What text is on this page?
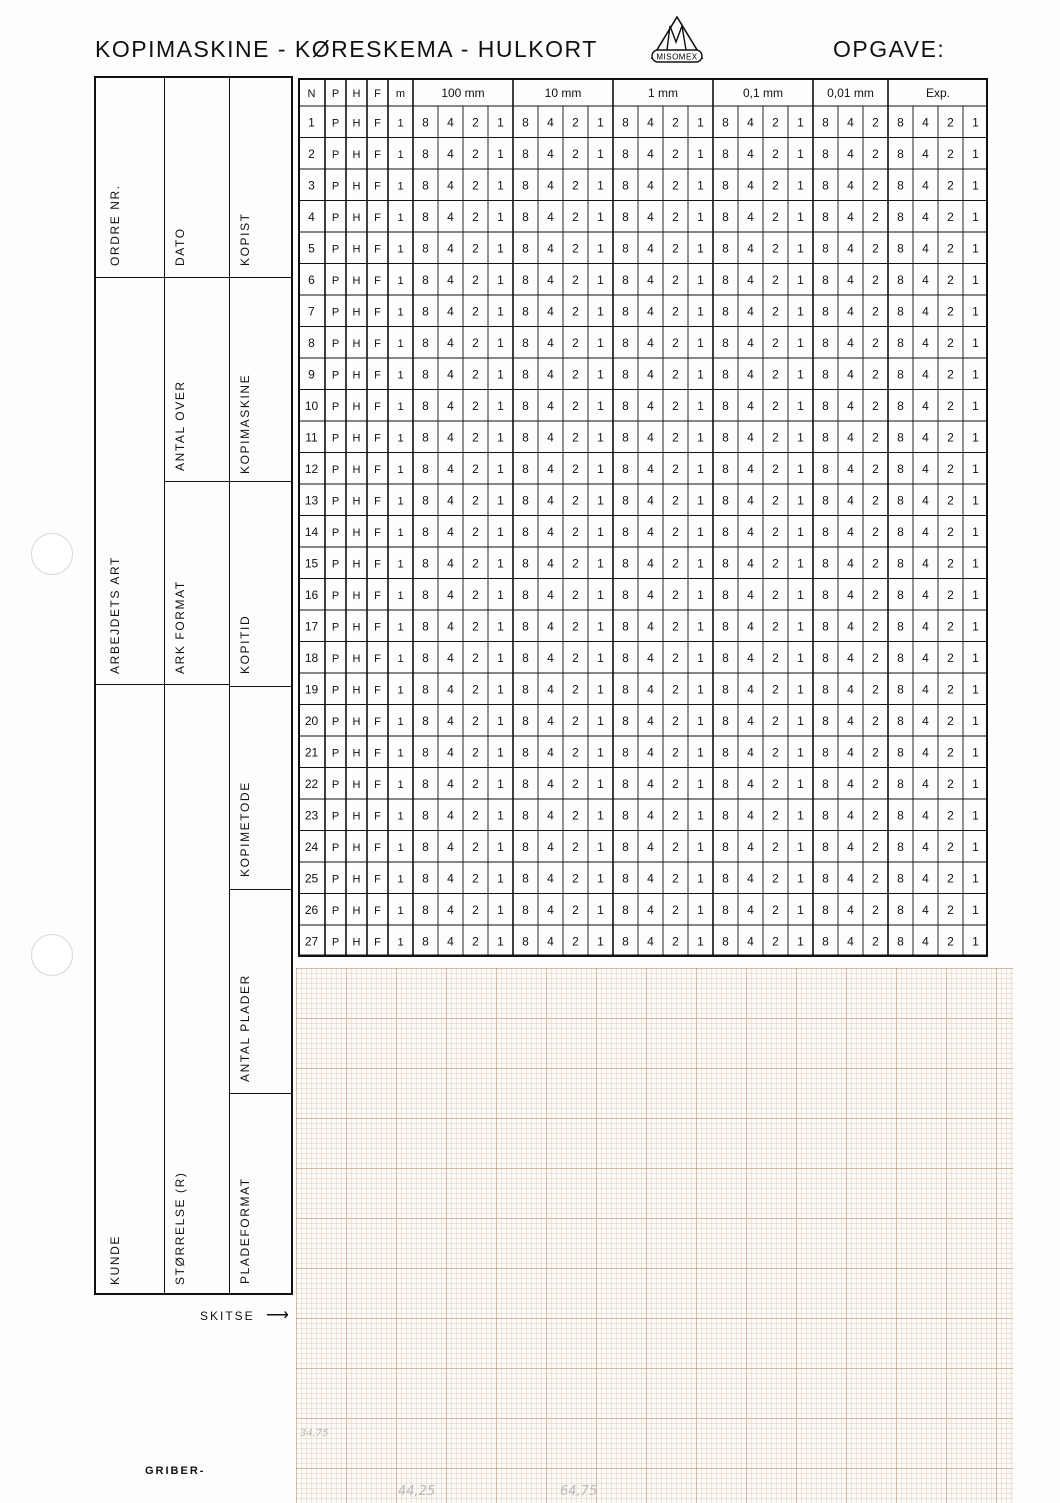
KOPIMASKINE - KØRESKEMA - HULKORT	MISOMEX	OPGAVE:
ORDRE NR.
ARBEJDETS ART
KUNDE
DATO
ANTAL OVER
ARK FORMAT
STØRRELSE (R)
KOPIST
KOPIMASKINE
KOPITID
KOPIMETODE
ANTAL PLADER
PLADEFORMAT
N P H F m	100 mm	10 mm	1 mm	0,1 mm	0,01 mm	Exp.
1 P H F 1 8 4 2 1 8 4 2 1 8 4 2 1 8 4 2 1 8 4 2 8 4 2 1
2 P H F 1 8 4 2 1 8 4 2 1 8 4 2 1 8 4 2 1 8 4 2 8 4 2 1
3 P H F 1 8 4 2 1 8 4 2 1 8 4 2 1 8 4 2 1 8 4 2 8 4 2 1
4 P H F 1 8 4 2 1 8 4 2 1 8 4 2 1 8 4 2 1 8 4 2 8 4 2 1
5 P H F 1 8 4 2 1 8 4 2 1 8 4 2 1 8 4 2 1 8 4 2 8 4 2 1
6 P H F 1 8 4 2 1 8 4 2 1 8 4 2 1 8 4 2 1 8 4 2 8 4 2 1
7 P H F 1 8 4 2 1 8 4 2 1 8 4 2 1 8 4 2 1 8 4 2 8 4 2 1
8 P H F 1 8 4 2 1 8 4 2 1 8 4 2 1 8 4 2 1 8 4 2 8 4 2 1
9 P H F 1 8 4 2 1 8 4 2 1 8 4 2 1 8 4 2 1 8 4 2 8 4 2 1
10 P H F 1 8 4 2 1 8 4 2 1 8 4 2 1 8 4 2 1 8 4 2 8 4 2 1
11 P H F 1 8 4 2 1 8 4 2 1 8 4 2 1 8 4 2 1 8 4 2 8 4 2 1
12 P H F 1 8 4 2 1 8 4 2 1 8 4 2 1 8 4 2 1 8 4 2 8 4 2 1
13 P H F 1 8 4 2 1 8 4 2 1 8 4 2 1 8 4 2 1 8 4 2 8 4 2 1
14 P H F 1 8 4 2 1 8 4 2 1 8 4 2 1 8 4 2 1 8 4 2 8 4 2 1
15 P H F 1 8 4 2 1 8 4 2 1 8 4 2 1 8 4 2 1 8 4 2 8 4 2 1
16 P H F 1 8 4 2 1 8 4 2 1 8 4 2 1 8 4 2 1 8 4 2 8 4 2 1
17 P H F 1 8 4 2 1 8 4 2 1 8 4 2 1 8 4 2 1 8 4 2 8 4 2 1
18 P H F 1 8 4 2 1 8 4 2 1 8 4 2 1 8 4 2 1 8 4 2 8 4 2 1
19 P H F 1 8 4 2 1 8 4 2 1 8 4 2 1 8 4 2 1 8 4 2 8 4 2 1
20 P H F 1 8 4 2 1 8 4 2 1 8 4 2 1 8 4 2 1 8 4 2 8 4 2 1
21 P H F 1 8 4 2 1 8 4 2 1 8 4 2 1 8 4 2 1 8 4 2 8 4 2 1
22 P H F 1 8 4 2 1 8 4 2 1 8 4 2 1 8 4 2 1 8 4 2 8 4 2 1
23 P H F 1 8 4 2 1 8 4 2 1 8 4 2 1 8 4 2 1 8 4 2 8 4 2 1
24 P H F 1 8 4 2 1 8 4 2 1 8 4 2 1 8 4 2 1 8 4 2 8 4 2 1
25 P H F 1 8 4 2 1 8 4 2 1 8 4 2 1 8 4 2 1 8 4 2 8 4 2 1
26 P H F 1 8 4 2 1 8 4 2 1 8 4 2 1 8 4 2 1 8 4 2 8 4 2 1
27 P H F 1 8 4 2 1 8 4 2 1 8 4 2 1 8 4 2 1 8 4 2 8 4 2 1
SKITSE ⟶
GRIBER-
34,75
44,25	64,75
